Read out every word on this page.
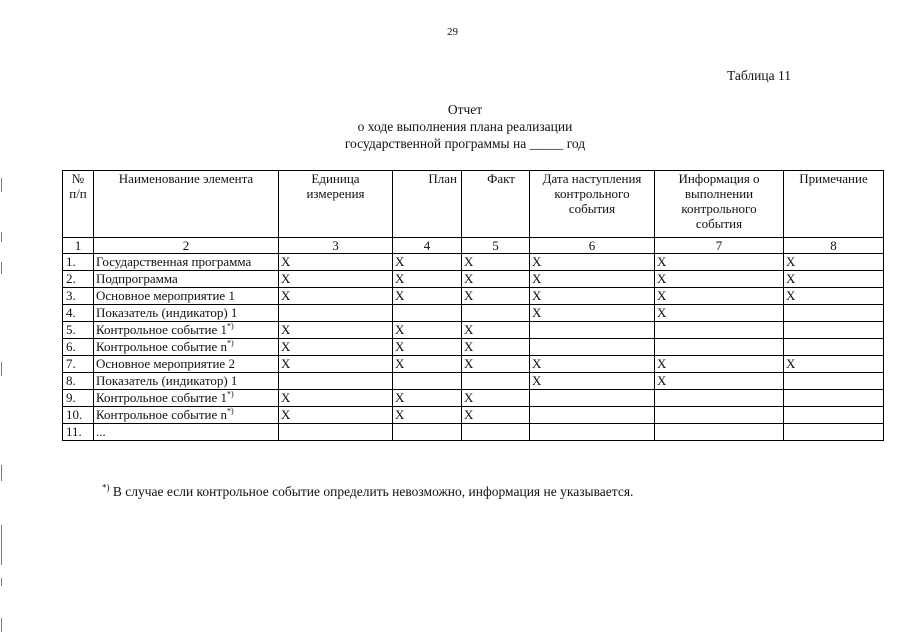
29
Таблица 11
Отчет
о ходе выполнения плана реализации
государственной программы на _____ год
№ п/п	Наименование элемента	Единица измерения	План	Факт	Дата наступления контрольного события	Информация о выполнении контрольного события	Примечание
1	2	3	4	5	6	7	8
1.	Государственная программа	X	X	X	X	X	X
2.	Подпрограмма	X	X	X	X	X	X
3.	Основное мероприятие 1	X	X	X	X	X	X
4.	Показатель (индикатор) 1				X	X	
5.	Контрольное событие 1*)	X	X	X			
6.	Контрольное событие n*)	X	X	X			
7.	Основное мероприятие 2	X	X	X	X	X	X
8.	Показатель (индикатор) 1				X	X	
9.	Контрольное событие 1*)	X	X	X			
10.	Контрольное событие n*)	X	X	X			
11.	...						
*) В случае если контрольное событие определить невозможно, информация не указывается.
